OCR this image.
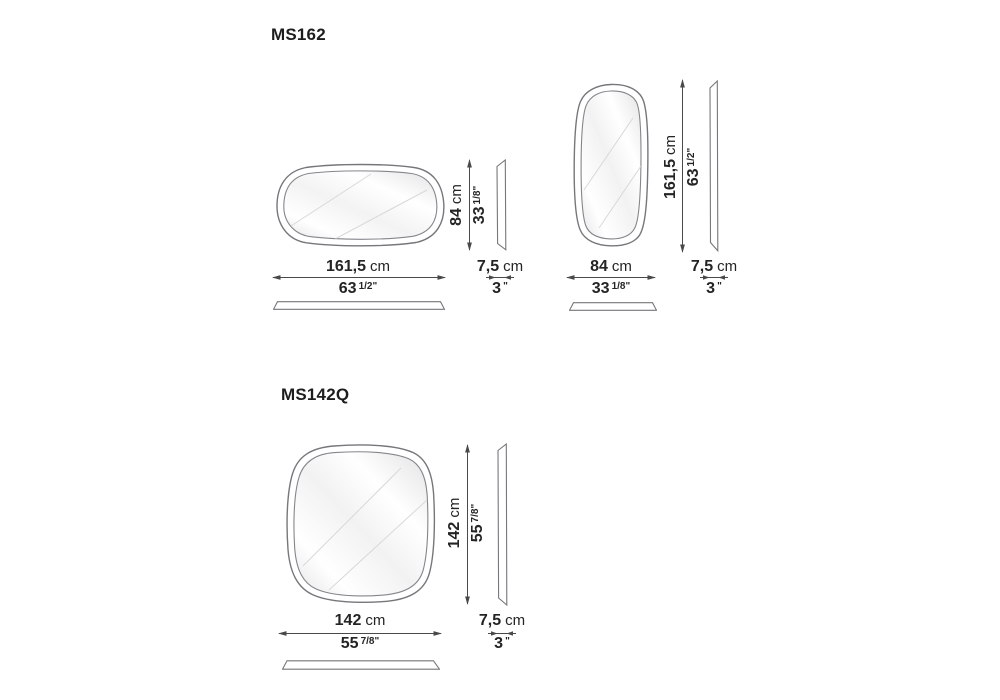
MS162
84cm
$33^{1/8"}$	161,5cm
$63^{1/2"}$
161,5 cm
63 $^{1/2"}$
7,5 cm
3 "
84 cm
33 $^{1/8"}$
7,5 cm
3 "
MS142Q
142cm
$55^{7/8"}$
142 cm
55 $^{7/8"}$
7,5 cm
3 "
